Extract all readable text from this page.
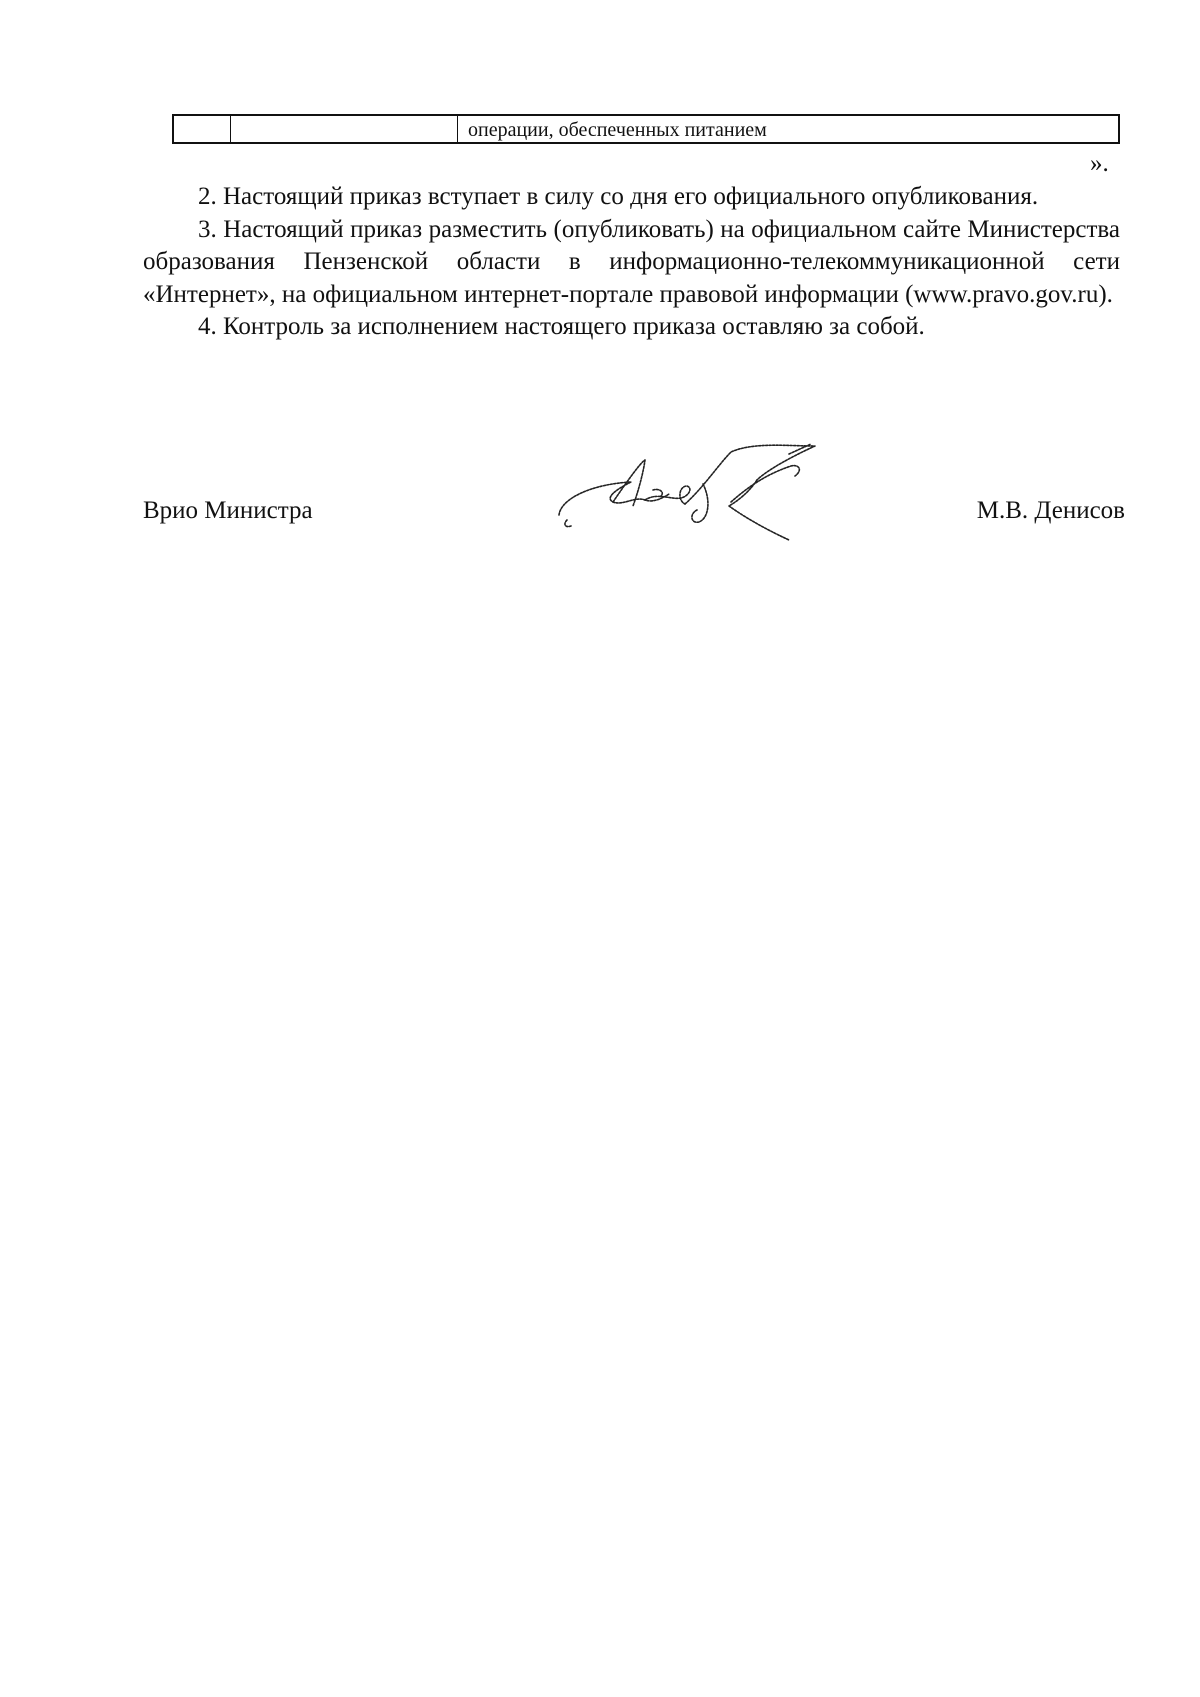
операции, обеспеченных питанием
».

2. Настоящий приказ вступает в силу со дня его официального опубликования.

3. Настоящий приказ разместить (опубликовать) на официальном сайте Министерства образования Пензенской области в информационно-телекоммуникационной сети «Интернет», на официальном интернет-портале правовой информации (www.pravo.gov.ru).

4. Контроль за исполнением настоящего приказа оставляю за собой.

Врио Министра	М.В. Денисов
